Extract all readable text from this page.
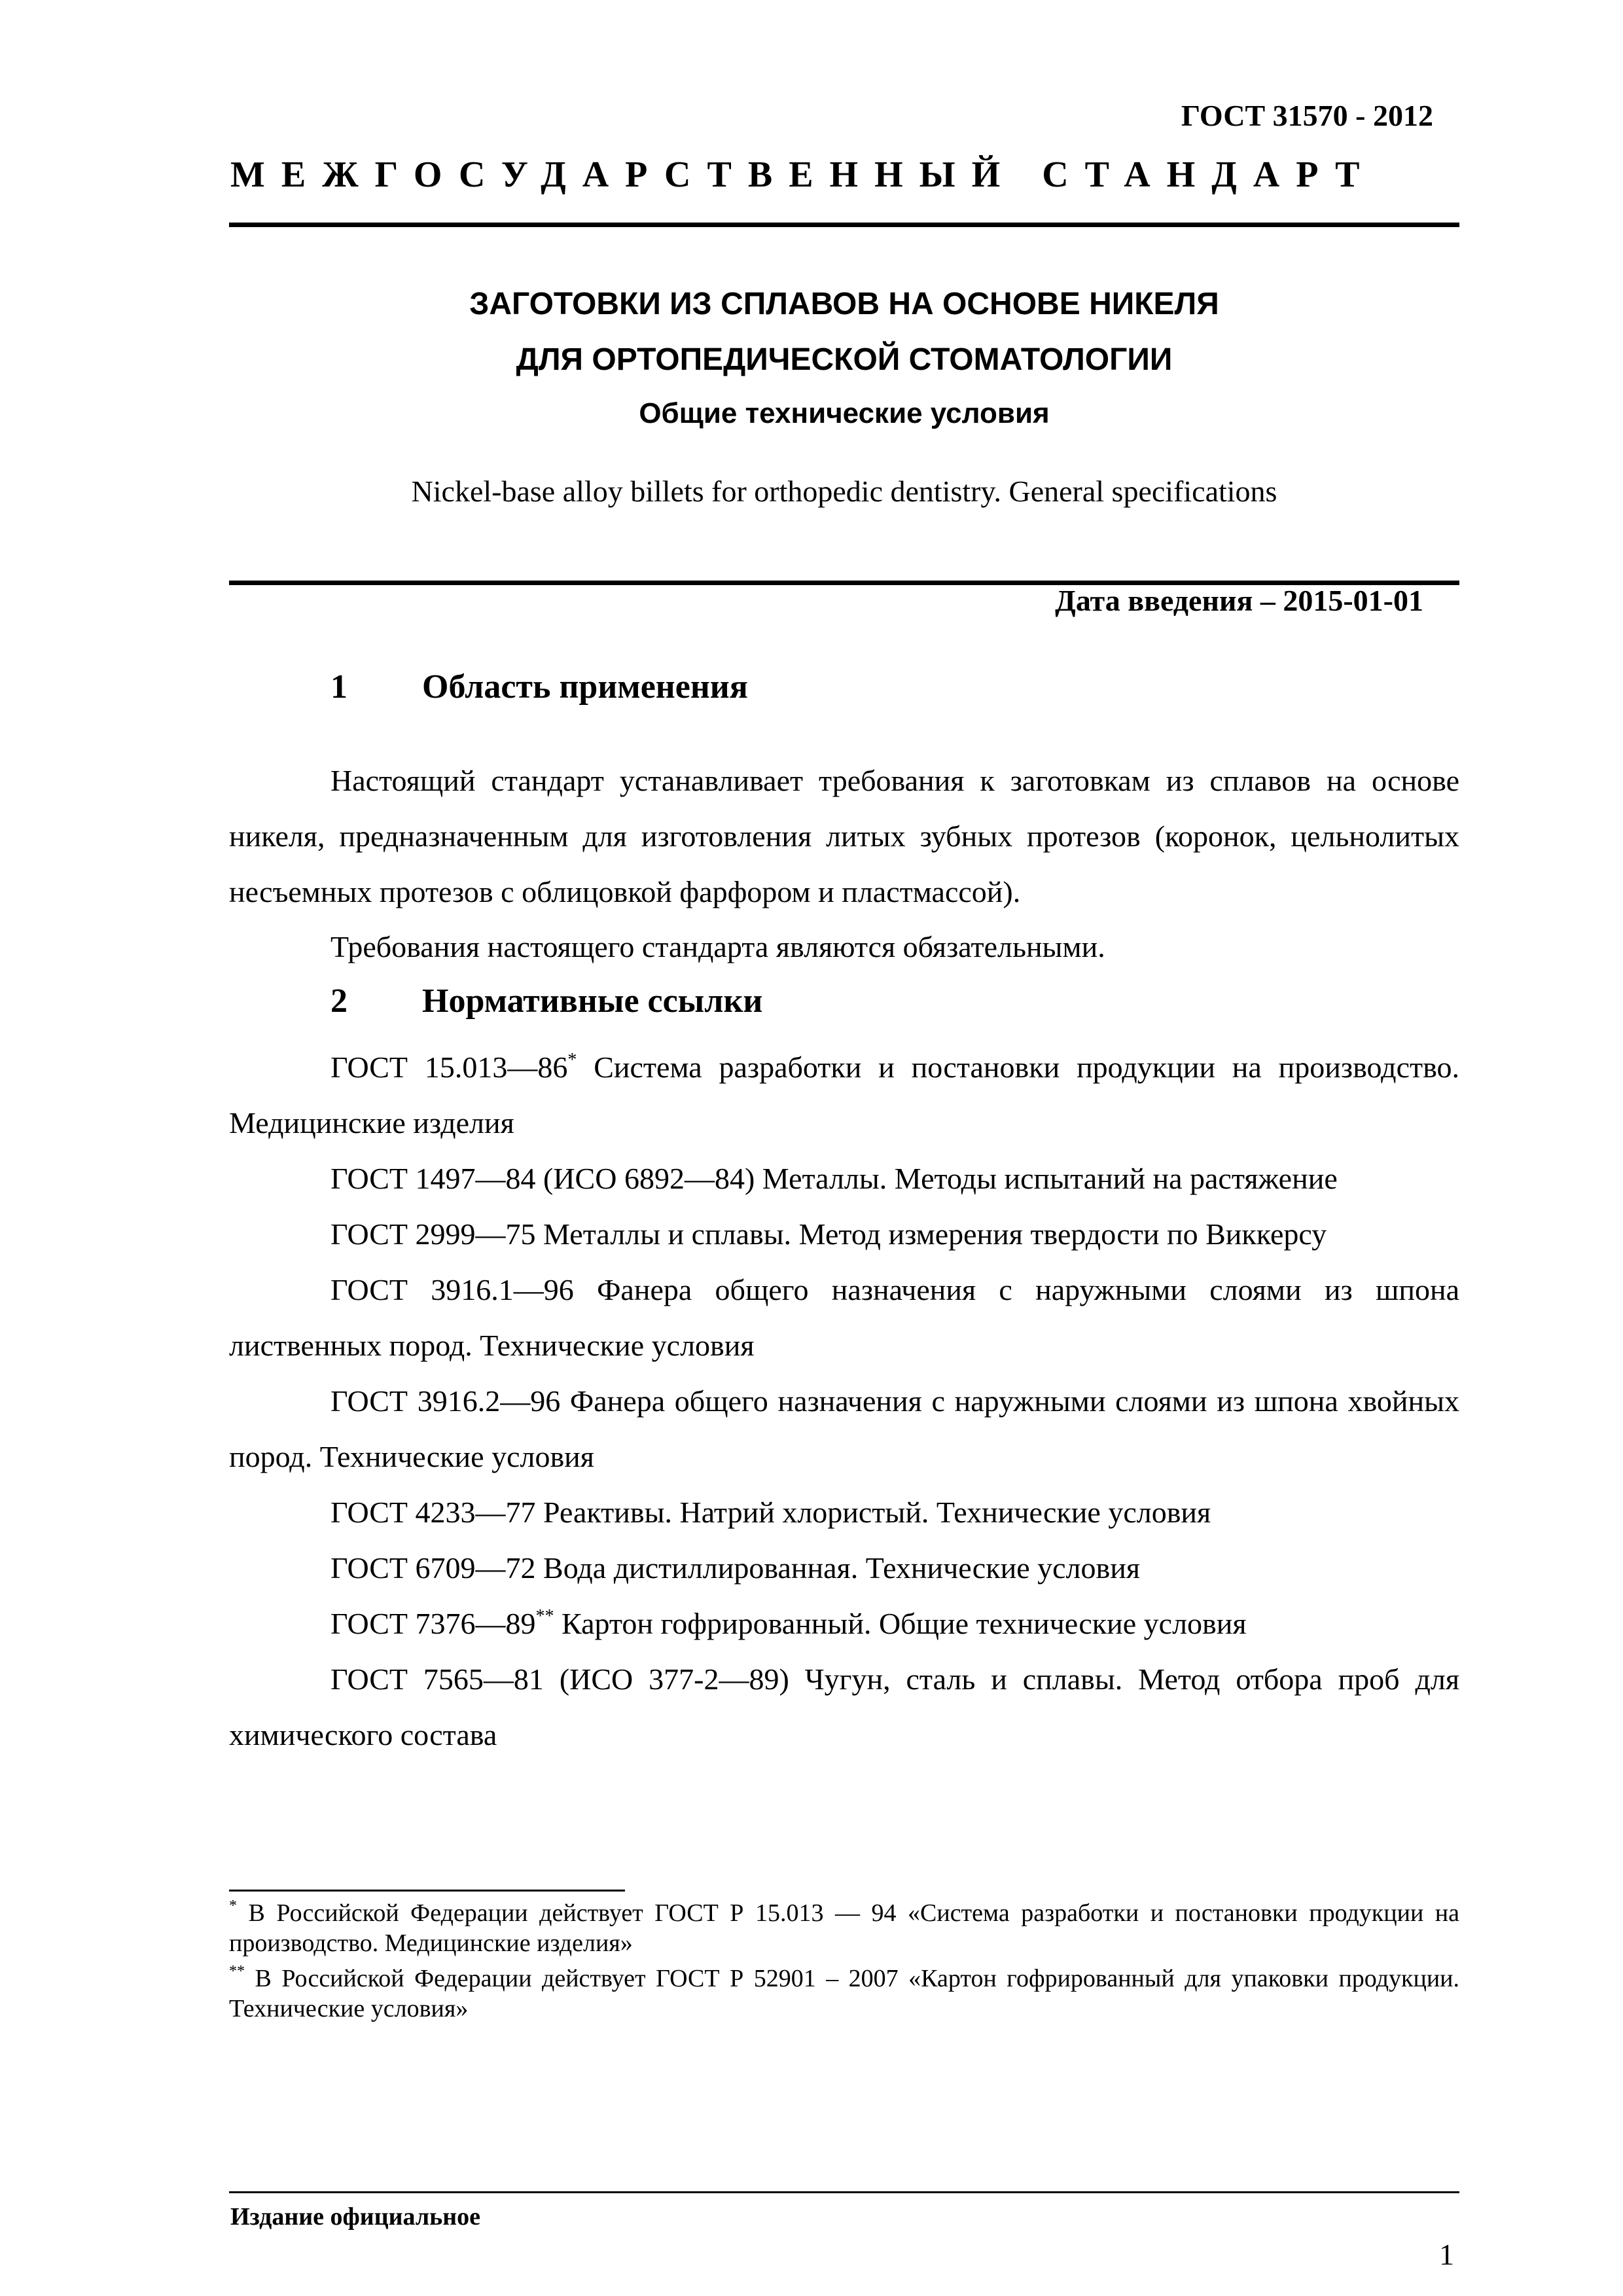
ГОСТ 31570 - 2012
МЕЖГОСУДАРСТВЕННЫЙ СТАНДАРТ
ЗАГОТОВКИ ИЗ СПЛАВОВ НА ОСНОВЕ НИКЕЛЯ
ДЛЯ ОРТОПЕДИЧЕСКОЙ СТОМАТОЛОГИИ
Общие технические условия
Nickel-base alloy billets for orthopedic dentistry. General specifications
Дата введения – 2015-01-01
1 Область применения

Настоящий стандарт устанавливает требования к заготовкам из сплавов на основе никеля, предназначенным для изготовления литых зубных протезов (коронок, цельнолитых несъемных протезов с облицовкой фарфором и пластмассой).

Требования настоящего стандарта являются обязательными.

2 Нормативные ссылки

ГОСТ 15.013—86* Система разработки и постановки продукции на производство. Медицинские изделия

ГОСТ 1497—84 (ИСО 6892—84) Металлы. Методы испытаний на растяжение

ГОСТ 2999—75 Металлы и сплавы. Метод измерения твердости по Виккерсу

ГОСТ 3916.1—96 Фанера общего назначения с наружными слоями из шпона лиственных пород. Технические условия

ГОСТ 3916.2—96 Фанера общего назначения с наружными слоями из шпона хвойных пород. Технические условия

ГОСТ 4233—77 Реактивы. Натрий хлористый. Технические условия

ГОСТ 6709—72 Вода дистиллированная. Технические условия

ГОСТ 7376—89** Картон гофрированный. Общие технические условия

ГОСТ 7565—81 (ИСО 377-2—89) Чугун, сталь и сплавы. Метод отбора проб для химического состава

* В Российской Федерации действует ГОСТ Р 15.013 — 94 «Система разработки и постановки продукции на производство. Медицинские изделия»

** В Российской Федерации действует ГОСТ Р 52901 – 2007 «Картон гофрированный для упаковки продукции. Технические условия»

Издание официальное
1
